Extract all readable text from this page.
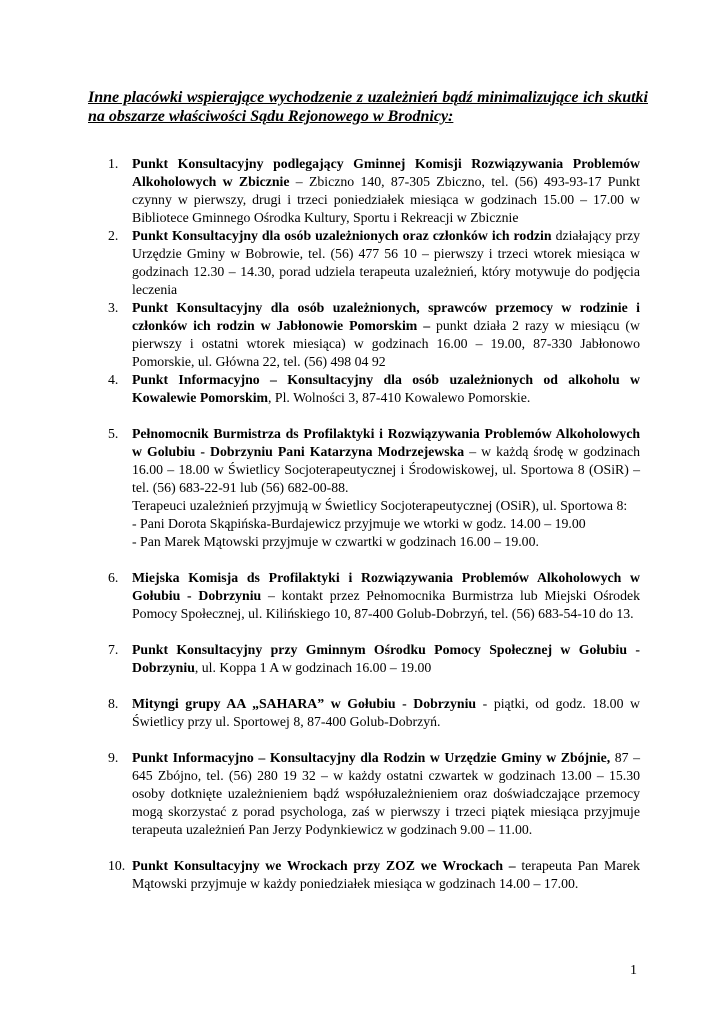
Inne placówki wspierające wychodzenie z uzależnień bądź minimalizujące ich skutki na obszarze właściwości Sądu Rejonowego w Brodnicy:
1. Punkt Konsultacyjny podlegający Gminnej Komisji Rozwiązywania Problemów Alkoholowych w Zbicznie – Zbiczno 140, 87-305 Zbiczno, tel. (56) 493-93-17 Punkt czynny w pierwszy, drugi i trzeci poniedziałek miesiąca w godzinach 15.00 – 17.00 w Bibliotece Gminnego Ośrodka Kultury, Sportu i Rekreacji w Zbicznie

2. Punkt Konsultacyjny dla osób uzależnionych oraz członków ich rodzin działający przy Urzędzie Gminy w Bobrowie, tel. (56) 477 56 10 – pierwszy i trzeci wtorek miesiąca w godzinach 12.30 – 14.30, porad udziela terapeuta uzależnień, który motywuje do podjęcia leczenia

3. Punkt Konsultacyjny dla osób uzależnionych, sprawców przemocy w rodzinie i członków ich rodzin w Jabłonowie Pomorskim – punkt działa 2 razy w miesiącu (w pierwszy i ostatni wtorek miesiąca) w godzinach 16.00 – 19.00, 87-330 Jabłonowo Pomorskie, ul. Główna 22, tel. (56) 498 04 92

4. Punkt Informacyjno – Konsultacyjny dla osób uzależnionych od alkoholu w Kowalewie Pomorskim, Pl. Wolności 3, 87-410 Kowalewo Pomorskie.

5. Pełnomocnik Burmistrza ds Profilaktyki i Rozwiązywania Problemów Alkoholowych w Golubiu - Dobrzyniu Pani Katarzyna Modrzejewska – w każdą środę w godzinach 16.00 – 18.00 w Świetlicy Socjoterapeutycznej i Środowiskowej, ul. Sportowa 8 (OSiR) – tel. (56) 683-22-91 lub (56) 682-00-88.

Terapeuci uzależnień przyjmują w Świetlicy Socjoterapeutycznej (OSiR), ul. Sportowa 8:

- Pani Dorota Skąpińska-Burdajewicz przyjmuje we wtorki w godz. 14.00 – 19.00

- Pan Marek Mątowski przyjmuje w czwartki w godzinach 16.00 – 19.00.

6. Miejska Komisja ds Profilaktyki i Rozwiązywania Problemów Alkoholowych w Gołubiu - Dobrzyniu – kontakt przez Pełnomocnika Burmistrza lub Miejski Ośrodek Pomocy Społecznej, ul. Kilińskiego 10, 87-400 Golub-Dobrzyń, tel. (56) 683-54-10 do 13.

7. Punkt Konsultacyjny przy Gminnym Ośrodku Pomocy Społecznej w Gołubiu - Dobrzyniu, ul. Koppa 1 A w godzinach 16.00 – 19.00

8. Mityngi grupy AA „SAHARA” w Gołubiu - Dobrzyniu - piątki, od godz. 18.00 w Świetlicy przy ul. Sportowej 8, 87-400 Golub-Dobrzyń.

9. Punkt Informacyjno – Konsultacyjny dla Rodzin w Urzędzie Gminy w Zbójnie, 87 – 645 Zbójno, tel. (56) 280 19 32 – w każdy ostatni czwartek w godzinach 13.00 – 15.30 osoby dotknięte uzależnieniem bądź współuzależnieniem oraz doświadczające przemocy mogą skorzystać z porad psychologa, zaś w pierwszy i trzeci piątek miesiąca przyjmuje terapeuta uzależnień Pan Jerzy Podynkiewicz w godzinach 9.00 – 11.00.

10. Punkt Konsultacyjny we Wrockach przy ZOZ we Wrockach – terapeuta Pan Marek Mątowski przyjmuje w każdy poniedziałek miesiąca w godzinach 14.00 – 17.00.

1
